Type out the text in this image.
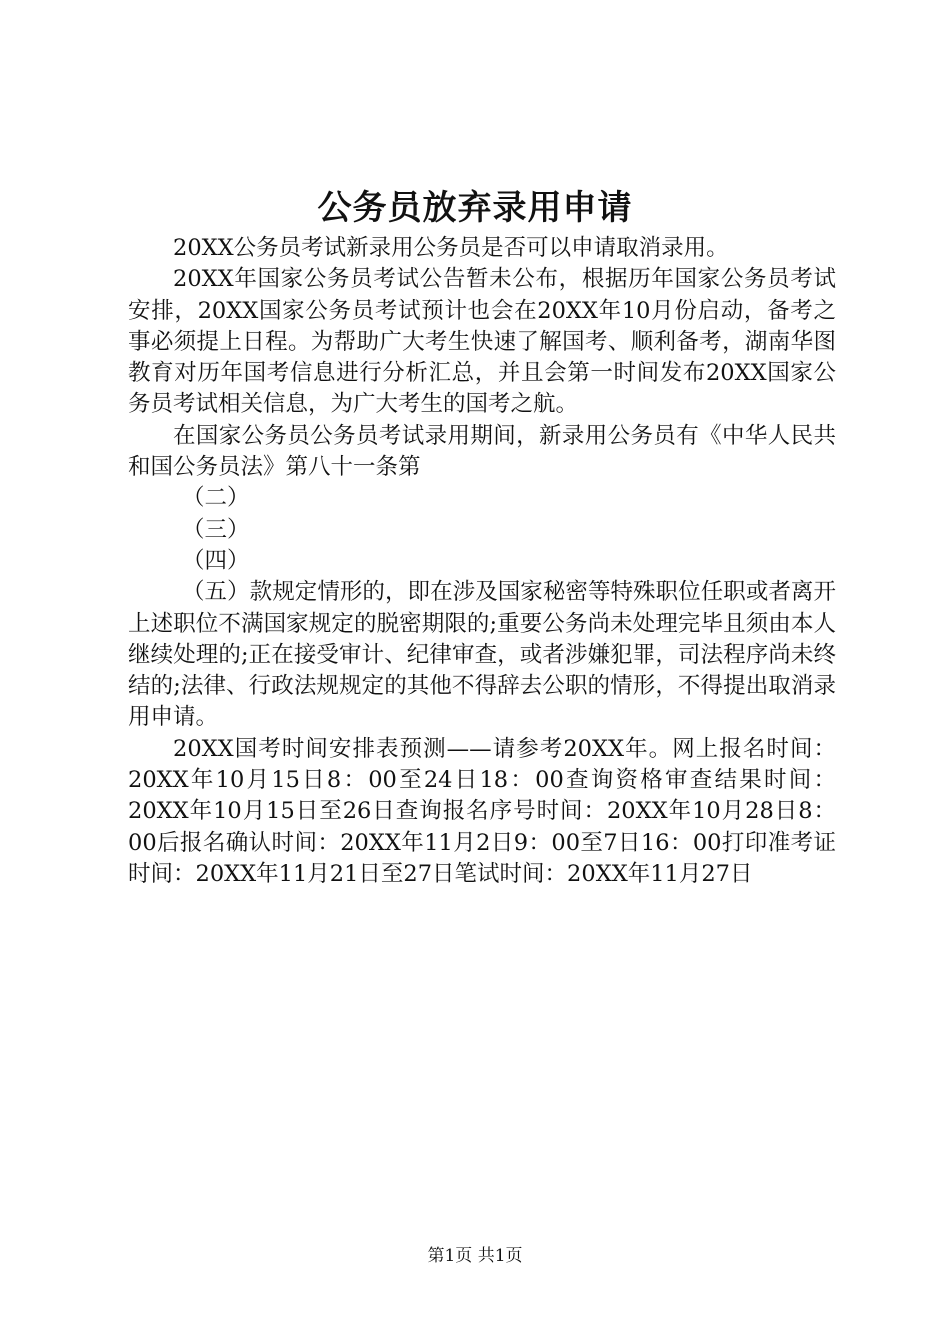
公务员放弃录用申请

20XX公务员考试新录用公务员是否可以申请取消录用。

20XX年国家公务员考试公告暂未公布，根据历年国家公务员考试安排，20XX国家公务员考试预计也会在20XX年10月份启动，备考之事必须提上日程。为帮助广大考生快速了解国考、顺利备考，湖南华图教育对历年国考信息进行分析汇总，并且会第一时间发布20XX国家公务员考试相关信息，为广大考生的国考之航。

在国家公务员公务员考试录用期间，新录用公务员有《中华人民共和国公务员法》第八十一条第

（二）

（三）

（四）

（五）款规定情形的，即在涉及国家秘密等特殊职位任职或者离开上述职位不满国家规定的脱密期限的;重要公务尚未处理完毕且须由本人继续处理的;正在接受审计、纪律审查，或者涉嫌犯罪，司法程序尚未终结的;法律、行政法规规定的其他不得辞去公职的情形，不得提出取消录用申请。

20XX国考时间安排表预测——请参考20XX年。网上报名时间：20XX年10月15日8：00至24日18：00查询资格审查结果时间：20XX年10月15日至26日查询报名序号时间：20XX年10月28日8：00后报名确认时间：20XX年11月2日9：00至7日16：00打印准考证时间：20XX年11月21日至27日笔试时间：20XX年11月27日

第1页 共1页
